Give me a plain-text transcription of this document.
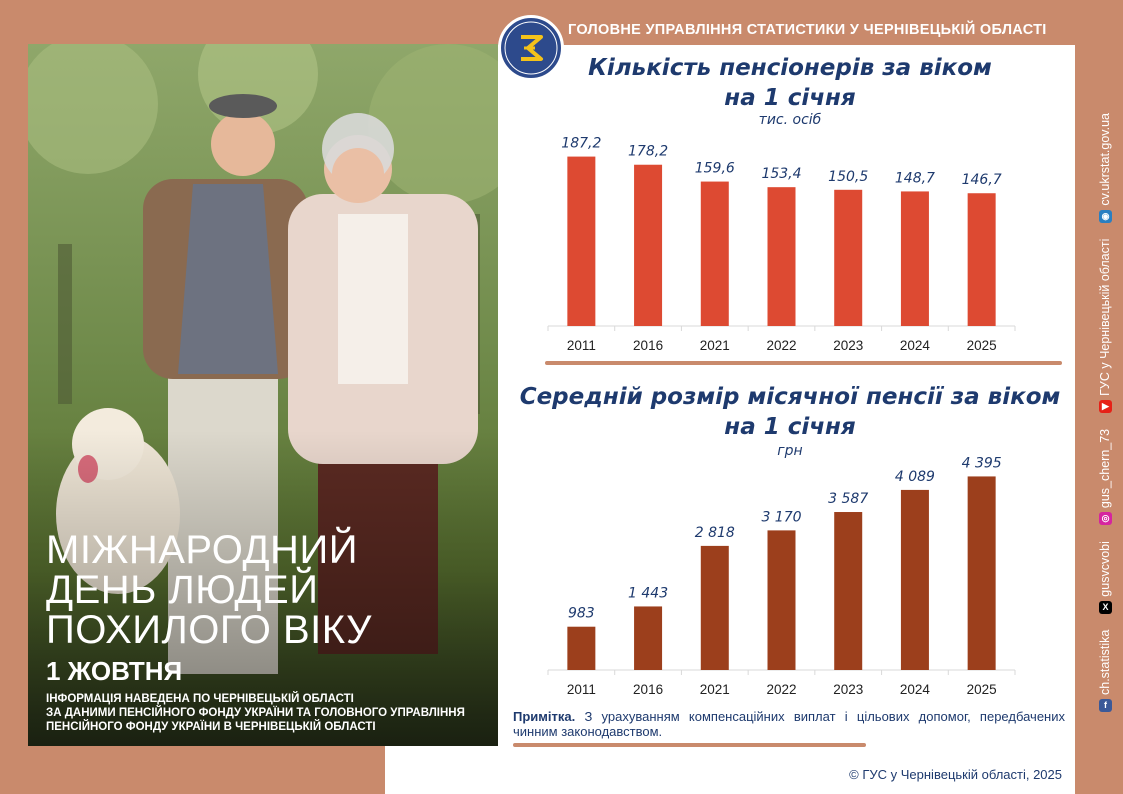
ГОЛОВНЕ УПРАВЛІННЯ СТАТИСТИКИ У ЧЕРНІВЕЦЬКІЙ ОБЛАСТІ
МІЖНАРОДНИЙ
ДЕНЬ ЛЮДЕЙ
ПОХИЛОГО ВІКУ
1 ЖОВТНЯ
ІНФОРМАЦІЯ НАВЕДЕНА ПО ЧЕРНІВЕЦЬКІЙ ОБЛАСТІ
ЗА ДАНИМИ ПЕНСІЙНОГО ФОНДУ УКРАЇНИ ТА ГОЛОВНОГО УПРАВЛІННЯ
ПЕНСІЙНОГО ФОНДУ УКРАЇНИ В ЧЕРНІВЕЦЬКІЙ ОБЛАСТІ
Кількість пенсіонерів за віком
на 1 січня
тис. осіб
187,2
2011
178,2
2016
159,6
2021
153,4
2022
150,5
2023
148,7
2024
146,7
2025
Середній розмір місячної пенсії за віком
на 1 січня
грн
983
2011
1 443
2016
2 818
2021
3 170
2022
3 587
2023
4 089
2024
4 395
2025
Примітка. З урахуванням компенсаційних виплат і цільових допомог, передбачених чинним законодавством.
© ГУС у Чернівецькій області, 2025
f
ch.statistika
X
gusvcvobi
◎
gus_chern_73
▶
ГУС у Чернівецькій області
◉
cv.ukrstat.gov.ua
